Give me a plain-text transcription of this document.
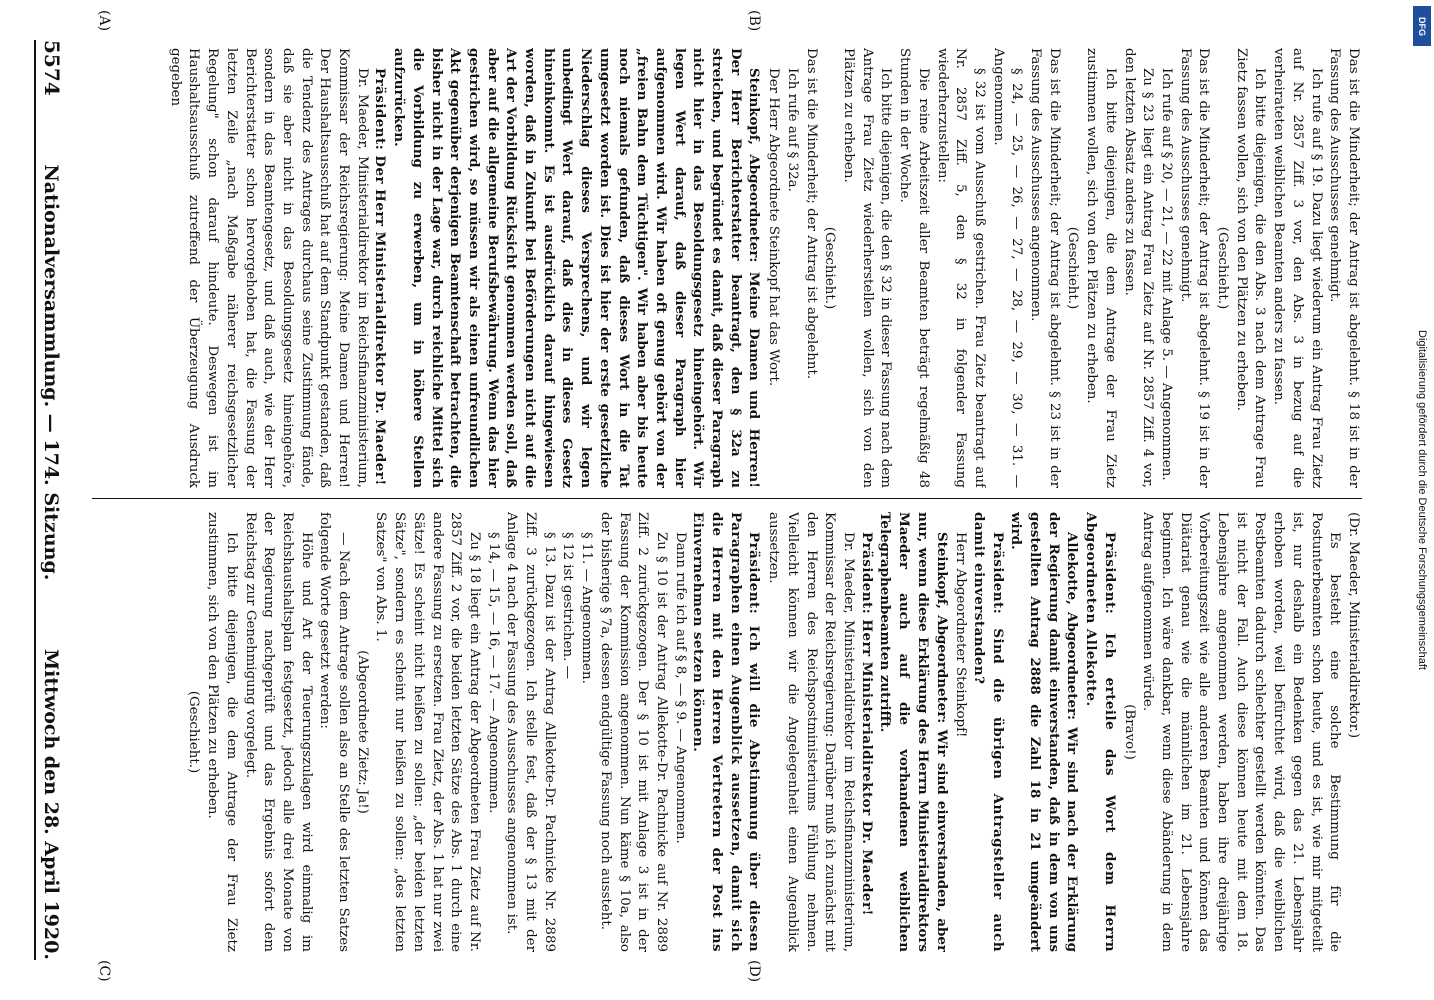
5574
Nationalversammlung. — 174. Sitzung.
Mittwoch den 28. April 1920.
(A)	(B)
(C)	(D)

Das ist die Minderheit; der Antrag ist abgelehnt. § 18 ist in der Fassung des Ausschusses genehmigt.

Ich rufe auf § 19. Dazu liegt wiederum ein Antrag Frau Zietz auf Nr. 2857 Ziff. 3 vor, den Abs. 3 in bezug auf die verheirateten weiblichen Beamten anders zu fassen.

Ich bitte diejenigen, die den Abs. 3 nach dem Antrage Frau Zietz fassen wollen, sich von den Plätzen zu erheben.

(Geschieht.)

Das ist die Minderheit; der Antrag ist abgelehnt. § 19 ist in der Fassung des Ausschusses genehmigt.

Ich rufe auf § 20, — 21, — 22 mit Anlage 5. — Angenommen.

Zu § 23 liegt ein Antrag Frau Zietz auf Nr. 2857 Ziff. 4 vor, den letzten Absatz anders zu fassen.

Ich bitte diejenigen, die dem Antrage der Frau Zietz zustimmen wollen, sich von den Plätzen zu erheben.

(Geschieht.)

Das ist die Minderheit; der Antrag ist abgelehnt. § 23 ist in der Fassung des Ausschusses angenommen.

§ 24, — 25, — 26, — 27, — 28, — 29, — 30, — 31. — Angenommen.

§ 32 ist vom Ausschuß gestrichen. Frau Zietz beantragt auf Nr. 2857 Ziff. 5, den § 32 in folgender Fassung wiederherzustellen:

Die reine Arbeitszeit aller Beamten beträgt regelmäßig 48 Stunden in der Woche.

Ich bitte diejenigen, die den § 32 in dieser Fassung nach dem Antrage Frau Zietz wiederherstellen wollen, sich von den Plätzen zu erheben.

(Geschieht.)

Das ist die Minderheit; der Antrag ist abgelehnt.

Ich rufe auf § 32a.

Der Herr Abgeordnete Steinkopf hat das Wort.

Steinkopf, Abgeordneter: Meine Damen und Herren! Der Herr Berichterstatter beantragt, den § 32a zu streichen, und begründet es damit, daß dieser Paragraph nicht hier in das Besoldungsgesetz hineingehört. Wir legen Wert darauf, daß dieser Paragraph hier aufgenommen wird. Wir haben oft genug gehört von der „freien Bahn dem Tüchtigen". Wir haben aber bis heute noch niemals gefunden, daß dieses Wort in die Tat umgesetzt worden ist. Dies ist hier der erste gesetzliche Niederschlag dieses Versprechens, und wir legen unbedingt Wert darauf, daß dies in dieses Gesetz hineinkommt. Es ist ausdrücklich darauf hingewiesen worden, daß in Zukunft bei Beförderungen nicht auf die Art der Vorbildung Rücksicht genommen werden soll, daß aber auf die allgemeine Berufsbewährung. Wenn das hier gestrichen wird, so müssen wir als einen unfreundlichen Akt gegenüber derjenigen Beamtenschaft betrachten, die bisher nicht in der Lage war, durch reichliche Mittel sich die Vorbildung zu erwerben, um in höhere Stellen aufzurücken.

Präsident: Der Herr Ministerialdirektor Dr. Maeder!

Dr. Maeder, Ministerialdirektor im Reichsfinanzministerium, Kommissar der Reichsregierung: Meine Damen und Herren! Der Haushaltsausschuß hat auf dem Standpunkt gestanden, daß die Tendenz des Antrages durchaus seine Zustimmung fände, daß sie aber nicht in das Besoldungsgesetz hineingehöre, sondern in das Beamtengesetz, und daß auch, wie der Herr Berichterstatter schon hervorgehoben hat, die Fassung der letzten Zeile „nach Maßgabe näherer reichsgesetzlicher Regelung" schon darauf hindeute. Deswegen ist im Haushaltsausschuß zutreffend der Überzeugung Ausdruck gegeben

(Dr. Maeder, Ministerialdirektor.)

Es besteht eine solche Bestimmung für die Postunterbeamten schon heute, und es ist, wie mir mitgeteilt ist, nur deshalb ein Bedenken gegen das 21. Lebensjahr erhoben worden, weil befürchtet wird, daß die weiblichen Postbeamten dadurch schlechter gestellt werden könnten. Das ist nicht der Fall. Auch diese können heute mit dem 18. Lebensjahre angenommen werden, haben ihre dreijährige Vorbereitungszeit wie alle anderen Beamten und können das Diätariat genau wie die männlichen im 21. Lebensjahre beginnen. Ich wäre dankbar, wenn diese Abänderung in dem Antrag aufgenommen würde.

(Bravo!)

Präsident: Ich erteile das Wort dem Herrn Abgeordneten Allekotte.

Allekotte, Abgeordneter: Wir sind nach der Erklärung der Regierung damit einverstanden, daß in dem von uns gestellten Antrag 2888 die Zahl 18 in 21 umgeändert wird.

Präsident: Sind die übrigen Antragsteller auch damit einverstanden?

Herr Abgeordneter Steinkopf!

Steinkopf, Abgeordneter: Wir sind einverstanden, aber nur, wenn diese Erklärung des Herrn Ministerialdirektors Maeder auch auf die vorhandenen weiblichen Telegraphenbeamten zutrifft.

Präsident: Herr Ministerialdirektor Dr. Maeder!

Dr. Maeder, Ministerialdirektor im Reichsfinanzministerium, Kommissar der Reichsregierung: Darüber muß ich zunächst mit den Herren des Reichspostministeriums Fühlung nehmen. Vielleicht können wir die Angelegenheit einen Augenblick aussetzen.

Präsident: Ich will die Abstimmung über diesen Paragraphen einen Augenblick aussetzen, damit sich die Herren mit den Herren Vertretern der Post ins Einvernehmen setzen können.

Dann rufe ich auf § 8, — § 9. — Angenommen.

Zu § 10 ist der Antrag Allekotte-Dr. Pachnicke auf Nr. 2889 Ziff. 2 zurückgezogen. Der § 10 ist mit Anlage 3 ist in der Fassung der Kommission angenommen. Nun käme § 10a, also der bisherige § 7a, dessen endgültige Fassung noch aussteht.

§ 11. — Angenommen.

§ 12 ist gestrichen. —

§ 13. Dazu ist der Antrag Allekotte-Dr. Pachnicke Nr. 2889 Ziff. 3 zurückgezogen. Ich stelle fest, daß der § 13 mit der Anlage 4 nach der Fassung des Ausschusses angenommen ist.

§ 14, — 15, — 16, — 17. — Angenommen.

Zu § 18 liegt ein Antrag der Abgeordneten Frau Zietz auf Nr. 2857 Ziff. 2 vor, die beiden letzten Sätze des Abs. 1 durch eine andere Fassung zu ersetzen. Frau Zietz, der Abs. 1 hat nur zwei Sätze! Es scheint nicht heißen zu sollen: „der beiden letzten Sätze", sondern es scheint nur heißen zu sollen: „des letzten Satzes" von Abs. 1.

(Abgeordnete Zietz: Ja!)

— Nach dem Antrage sollen also an Stelle des letzten Satzes folgende Worte gesetzt werden:

Höhe und Art der Teuerungszulagen wird einmalig im Reichshaushaltsplan festgesetzt, jedoch alle drei Monate von der Regierung nachgeprüft und das Ergebnis sofort dem Reichstag zur Genehmigung vorgelegt.

Ich bitte diejenigen, die dem Antrage der Frau Zietz zustimmen, sich von den Plätzen zu erheben.

(Geschieht.)

Digitalisierung gefördert durch die Deutsche Forschungsgemeinschaft
DFG
